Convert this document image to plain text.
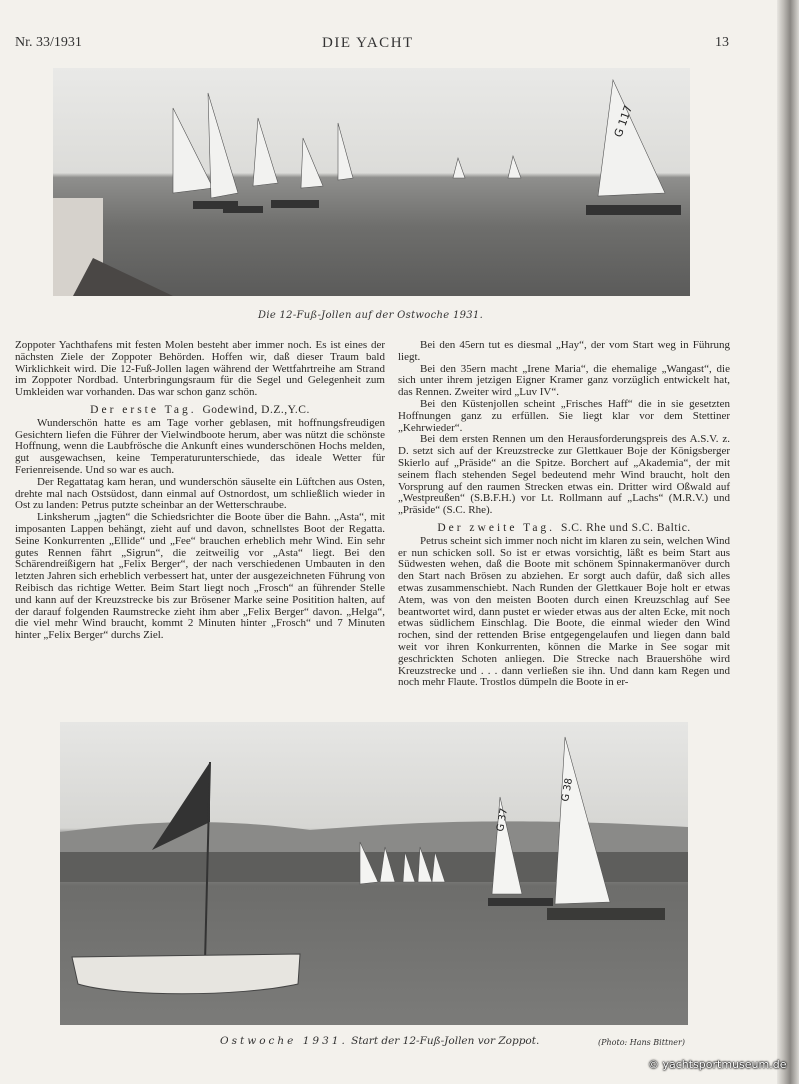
Nr. 33/1931	DIE YACHT	13
G 117
Die 12-Fuß-Jollen auf der Ostwoche 1931.

Zoppoter Yachthafens mit festen Molen besteht aber immer noch. Es ist eines der nächsten Ziele der Zoppoter Behörden. Hoffen wir, daß dieser Traum bald Wirklichkeit wird. Die 12-Fuß-Jollen lagen während der Wettfahrtreihe am Strand im Zoppoter Nordbad. Unterbringungsraum für die Segel und Gelegenheit zum Umkleiden war vorhanden. Das war schon ganz schön.

Der erste Tag. Godewind, D.Z.,Y.C.

Wunderschön hatte es am Tage vorher geblasen, mit hoffnungsfreudigen Gesichtern liefen die Führer der Vielwindboote herum, aber was nützt die schönste Hoffnung, wenn die Laubfrösche die Ankunft eines wunderschönen Hochs melden, gut ausgewachsen, keine Temperaturunterschiede, das ideale Wetter für Ferienreisende. Und so war es auch.

Der Regattatag kam heran, und wunderschön säuselte ein Lüftchen aus Osten, drehte mal nach Ostsüdost, dann einmal auf Ostnordost, um schließlich wieder in Ost zu landen: Petrus putzte scheinbar an der Wetterschraube.

Linksherum „jagten“ die Schiedsrichter die Boote über die Bahn. „Asta“, mit imposanten Lappen behängt, zieht auf und davon, schnellstes Boot der Regatta. Seine Konkurrenten „Ellide“ und „Fee“ brauchen erheblich mehr Wind. Ein sehr gutes Rennen fährt „Sigrun“, die zeitweilig vor „Asta“ liegt. Bei den Schärendreißigern hat „Felix Berger“, der nach verschiedenen Umbauten in den letzten Jahren sich erheblich verbessert hat, unter der ausgezeichneten Führung von Reibisch das richtige Wetter. Beim Start liegt noch „Frosch“ an führender Stelle und kann auf der Kreuzstrecke bis zur Brösener Marke seine Positition halten, auf der darauf folgenden Raumstrecke zieht ihm aber „Felix Berger“ davon. „Helga“, die viel mehr Wind braucht, kommt 2 Minuten hinter „Frosch“ und 7 Minuten hinter „Felix Berger“ durchs Ziel.

Bei den 45ern tut es diesmal „Hay“, der vom Start weg in Führung liegt.

Bei den 35ern macht „Irene Maria“, die ehemalige „Wangast“, die sich unter ihrem jetzigen Eigner Kramer ganz vorzüglich entwickelt hat, das Rennen. Zweiter wird „Luv IV“.

Bei den Küstenjollen scheint „Frisches Haff“ die in sie gesetzten Hoffnungen ganz zu erfüllen. Sie liegt klar vor dem Stettiner „Kehrwieder“.

Bei dem ersten Rennen um den Herausforderungspreis des A.S.V. z. D. setzt sich auf der Kreuzstrecke zur Glettkauer Boje der Königsberger Skierlo auf „Präside“ an die Spitze. Borchert auf „Akademia“, der mit seinem flach stehenden Segel bedeutend mehr Wind braucht, holt den Vorsprung auf den raumen Strecken etwas ein. Dritter wird Oßwald auf „Westpreußen“ (S.B.F.H.) vor Lt. Rollmann auf „Lachs“ (M.R.V.) und „Präside“ (S.C. Rhe).

Der zweite Tag. S.C. Rhe und S.C. Baltic.

Petrus scheint sich immer noch nicht im klaren zu sein, welchen Wind er nun schicken soll. So ist er etwas vorsichtig, läßt es beim Start aus Südwesten wehen, daß die Boote mit schönem Spinnakermanöver durch den Start nach Brösen zu abziehen. Er sorgt auch dafür, daß sich alles etwas zusammenschiebt. Nach Runden der Glettkauer Boje holt er etwas Atem, was von den meisten Booten durch einen Kreuzschlag auf See beantwortet wird, dann pustet er wieder etwas aus der alten Ecke, mit noch etwas südlichem Einschlag. Die Boote, die einmal wieder den Wind rochen, sind der rettenden Brise entgegengelaufen und liegen dann bald weit vor ihren Konkurrenten, können die Marke in See sogar mit geschrickten Schoten anliegen. Die Strecke nach Brauershöhe wird Kreuzstrecke und . . . dann verließen sie ihn. Und dann kam Regen und noch mehr Flaute. Trostlos dümpeln die Boote in er-

G 37
G 38
Ostwoche 1931. Start der 12-Fuß-Jollen vor Zoppot.	(Photo: Hans Bittner)
© yachtsportmuseum.de
